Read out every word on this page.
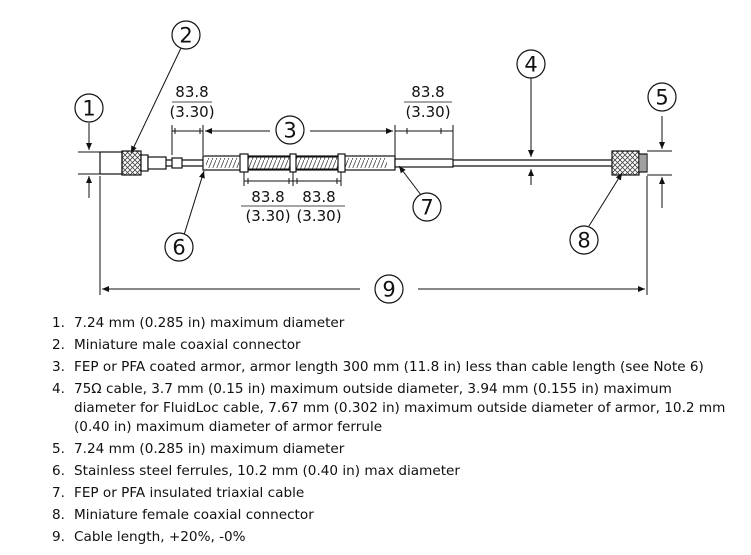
83.8
(3.30)
83.8
(3.30)
83.8 83.8
(3.30) (3.30)
1
2
3
4
5
6
7
8
9
1. 7.24 mm (0.285 in) maximum diameter
2. Miniature male coaxial connector
3. FEP or PFA coated armor, armor length 300 mm (11.8 in) less than cable length (see Note 6)
4. 75Ω cable, 3.7 mm (0.15 in) maximum outside diameter, 3.94 mm (0.155 in) maximum diameter for FluidLoc cable, 7.67 mm (0.302 in) maximum outside diameter of armor, 10.2 mm (0.40 in) maximum diameter of armor ferrule
5. 7.24 mm (0.285 in) maximum diameter
6. Stainless steel ferrules, 10.2 mm (0.40 in) max diameter
7. FEP or PFA insulated triaxial cable
8. Miniature female coaxial connector
9. Cable length, +20%, -0%
